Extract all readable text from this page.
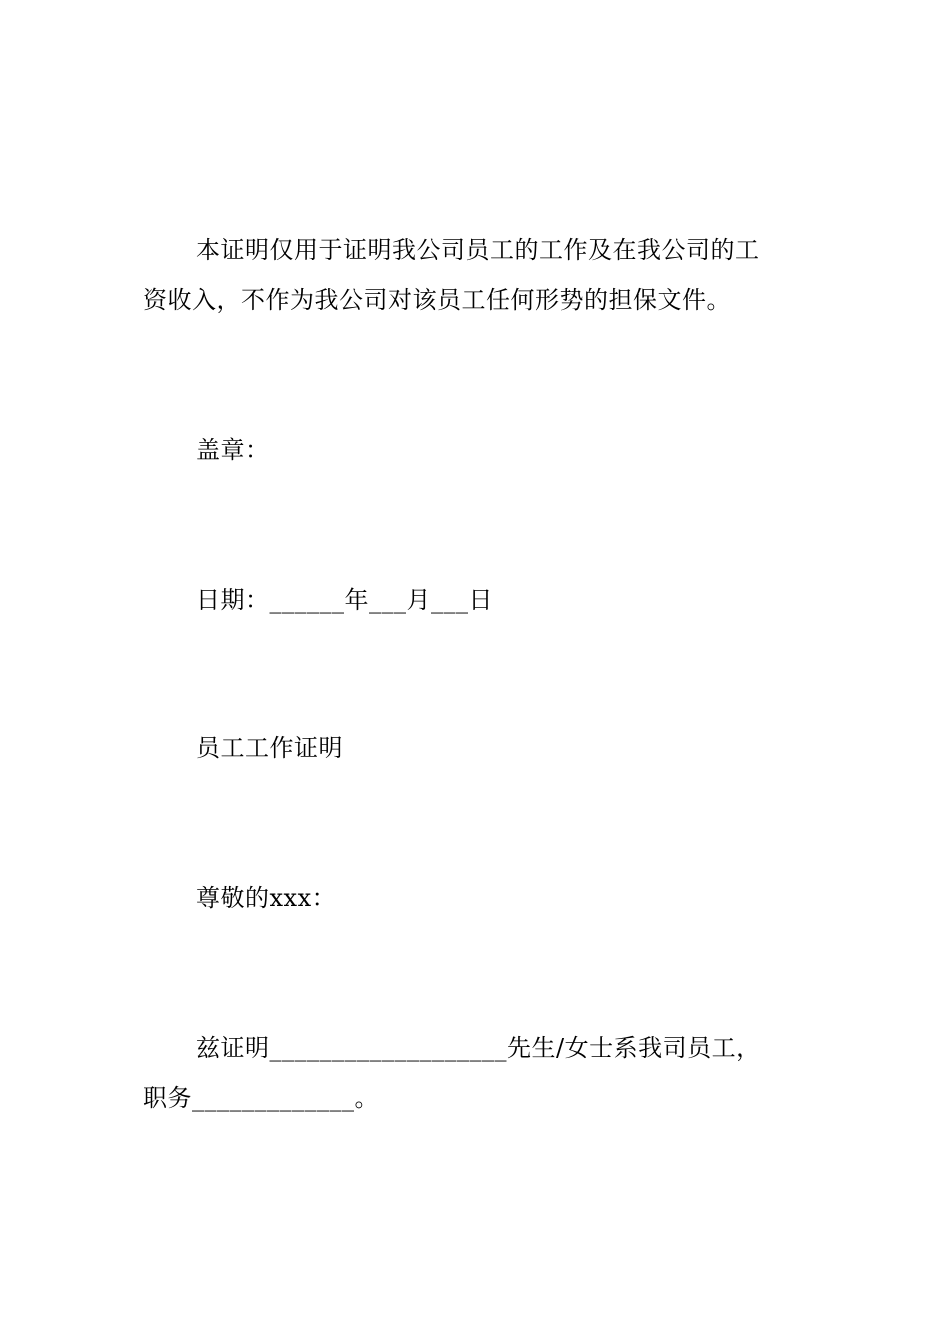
本证明仅用于证明我公司员工的工作及在我公司的工
资收入，不作为我公司对该员工任何形势的担保文件。
盖章：
日期：______年___月___日
员工工作证明
尊敬的xxx：
兹证明___________________先生/女士系我司员工，
职务_____________。
